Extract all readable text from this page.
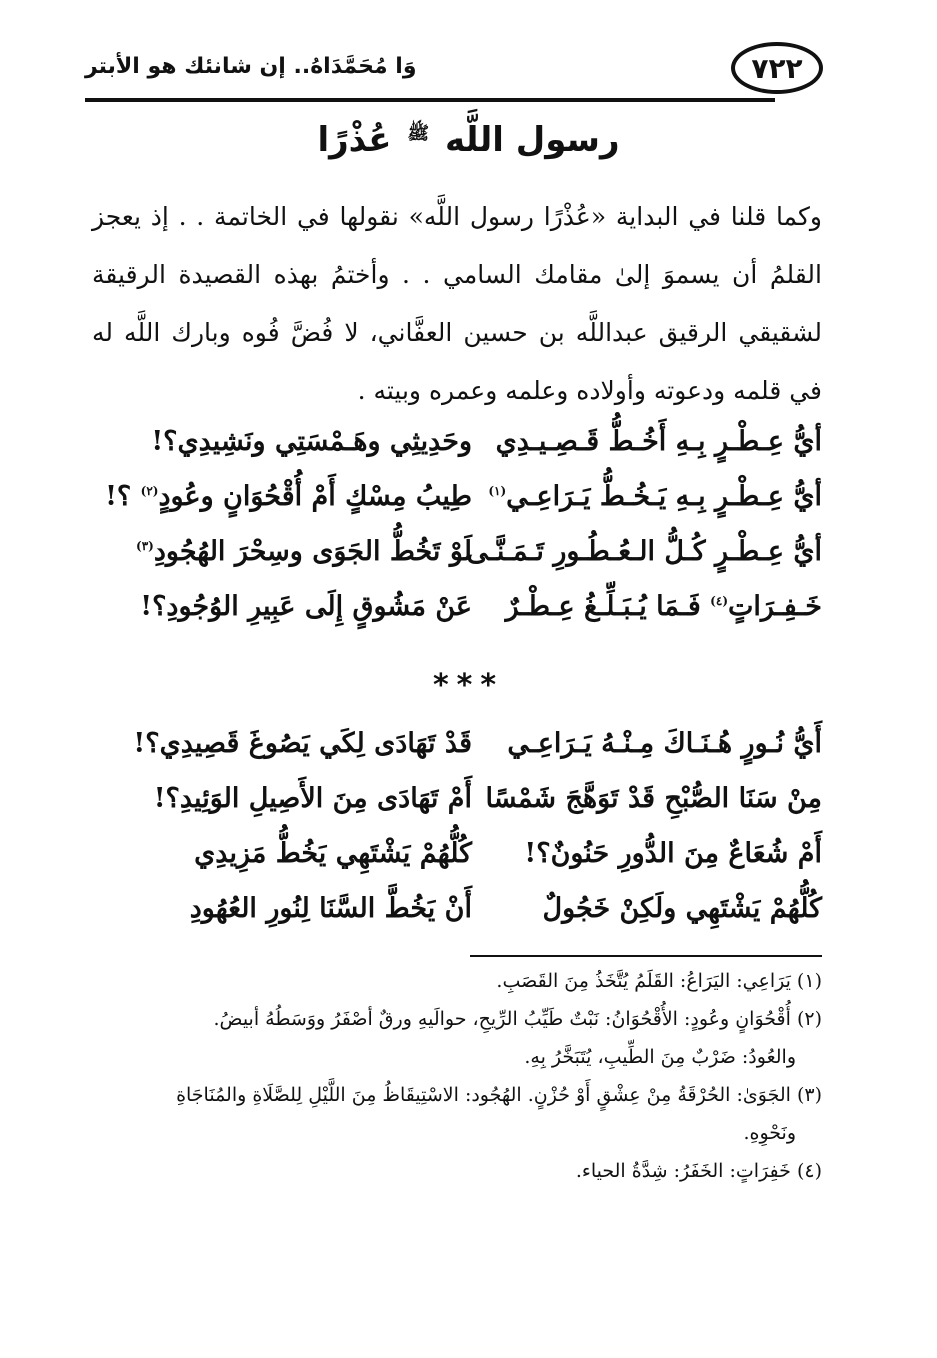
٧٢٢
وَا مُحَمَّدَاهُ.. إن شانئك هو الأبتر
رسول اللَّه $^ﷺ$ عُذْرًا
وكما قلنا في البداية «عُذْرًا رسول اللَّه» نقولها في الخاتمة . . إذ يعجز القلمُ أن يسموَ إلىٰ مقامك السامي . . وأختمُ بهذه القصيدة الرقيقة لشقيقي الرقيق عبداللَّه بن حسين العفَّاني، لا فُضَّ فُوه وبارك اللَّه له في قلمه ودعوته وأولاده وعلمه وعمره وبيته .
أيُّ عِـطْـرٍ بِـهِ أَخُـطُّ قَـصِـيـدِي
وحَدِيثِي وهَـمْسَتِي ونَشِيدِي؟!
أيُّ عِـطْـرٍ بِـهِ يَـخُـطُّ يَـرَاعِـي$^{(١)}$
طِيبُ مِسْكٍ أَمْ أُقْحُوَانٍ وعُودٍ$^{(٢)}$ ؟!
أيُّ عِـطْـرٍ كُـلُّ الـعُـطُـورِ تَـمَـنَّـى
لَوْ تَخُطُّ الجَوَى وسِحْرَ الهُجُودِ$^{(٣)}$
خَـفِـرَاتٍ$^{(٤)}$ فَـمَا يُـبَـلِّـغُ عِـطْـرٌ
عَنْ مَشُوقٍ إِلَى عَبِيرِ الوُجُودِ؟!
***
أَيُّ نُـورٍ هُـنَـاكَ مِـنْـهُ يَـرَاعِـي
قَدْ تَهَادَى لِكَي يَصُوغَ قَصِيدِي؟!
مِنْ سَنَا الصُّبْحِ قَدْ تَوَهَّجَ شَمْسًا
أَمْ تَهَادَى مِنَ الأَصِيلِ الوَئِيدِ؟!
أَمْ شُعَاعٌ مِنَ الدُّورِ حَنُونٌ؟!
كُلُّهُمْ يَشْتَهِي يَخُطُّ مَزِيدِي
كُلُّهُمْ يَشْتَهِي ولَكِنْ خَجُولٌ
أَنْ يَخُطَّ السَّنَا لِنُورِ العُهُودِ

(١) يَرَاعِي: اليَرَاعُ: القَلَمُ يُتَّخَذُ مِنَ القَصَبِ.

(٢) أُقْحُوَانٍ وعُودٍ: الأُقْحُوَانُ: نَبْتٌ طَيِّبُ الرِّيحِ، حوالَيهِ ورقٌ أصْفَرُ ووَسَطُهُ أبيضُ.

والعُودُ: ضَرْبٌ مِنَ الطِّيبِ، يُتَبَخَّرُ بِهِ.

(٣) الجَوَىٰ: الحُرْقَةُ مِنْ عِشْقٍ أَوْ حُزْنٍ. الهُجُود: الاسْتِيقَاظُ مِنَ اللَّيْلِ لِلصَّلَاةِ والمُنَاجَاةِ

ونَحْوِهِ.

(٤) خَفِرَاتٍ: الخَفَرُ: شِدَّةُ الحياء.
